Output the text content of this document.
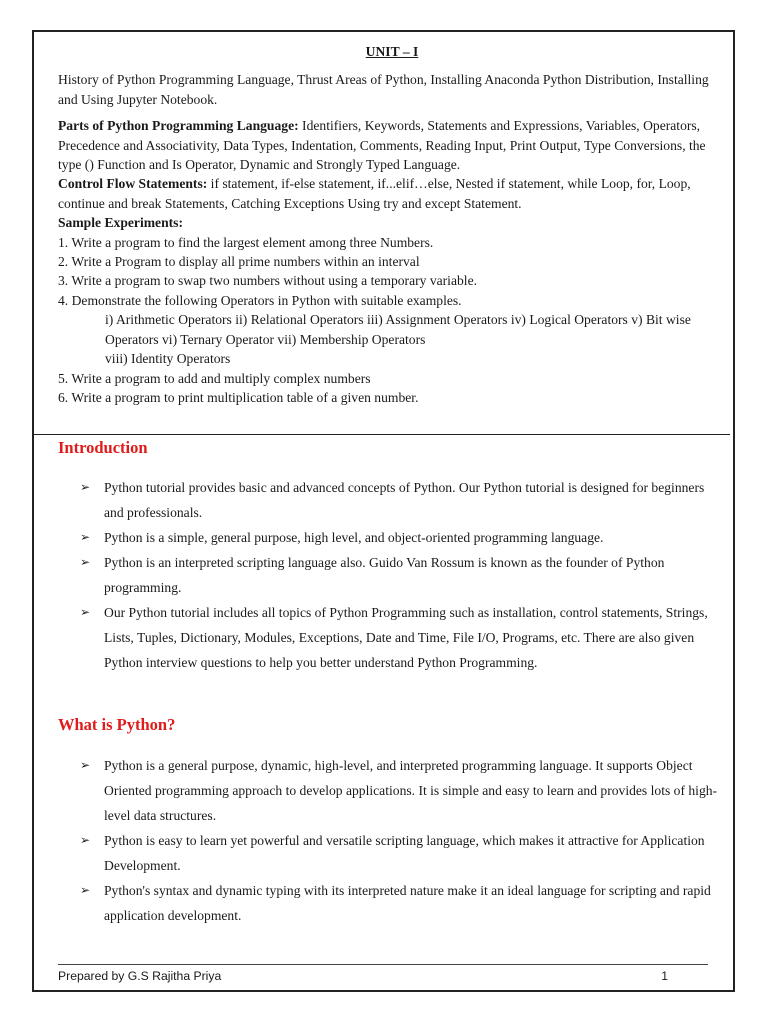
UNIT – I

History of Python Programming Language, Thrust Areas of Python, Installing Anaconda Python Distribution, Installing and Using Jupyter Notebook.

Parts of Python Programming Language: Identifiers, Keywords, Statements and Expressions, Variables, Operators, Precedence and Associativity, Data Types, Indentation, Comments, Reading Input, Print Output, Type Conversions, the type () Function and Is Operator, Dynamic and Strongly Typed Language.

Control Flow Statements: if statement, if-else statement, if...elif…else, Nested if statement, while Loop, for, Loop, continue and break Statements, Catching Exceptions Using try and except Statement.

Sample Experiments:

1. Write a program to find the largest element among three Numbers.

2. Write a Program to display all prime numbers within an interval

3. Write a program to swap two numbers without using a temporary variable.

4. Demonstrate the following Operators in Python with suitable examples.

i) Arithmetic Operators ii) Relational Operators iii) Assignment Operators iv) Logical Operators v) Bit wise Operators vi) Ternary Operator vii) Membership Operators

viii) Identity Operators

5. Write a program to add and multiply complex numbers

6. Write a program to print multiplication table of a given number.

Introduction
➢ Python tutorial provides basic and advanced concepts of Python. Our Python tutorial is designed for beginners and professionals.
➢ Python is a simple, general purpose, high level, and object-oriented programming language.
➢ Python is an interpreted scripting language also. Guido Van Rossum is known as the founder of Python programming.
➢ Our Python tutorial includes all topics of Python Programming such as installation, control statements, Strings, Lists, Tuples, Dictionary, Modules, Exceptions, Date and Time, File I/O, Programs, etc. There are also given Python interview questions to help you better understand Python Programming.
What is Python?
➢ Python is a general purpose, dynamic, high-level, and interpreted programming language. It supports Object Oriented programming approach to develop applications. It is simple and easy to learn and provides lots of high-level data structures.
➢ Python is easy to learn yet powerful and versatile scripting language, which makes it attractive for Application Development.
➢ Python's syntax and dynamic typing with its interpreted nature make it an ideal language for scripting and rapid application development.
Prepared by G.S Rajitha Priya	1
